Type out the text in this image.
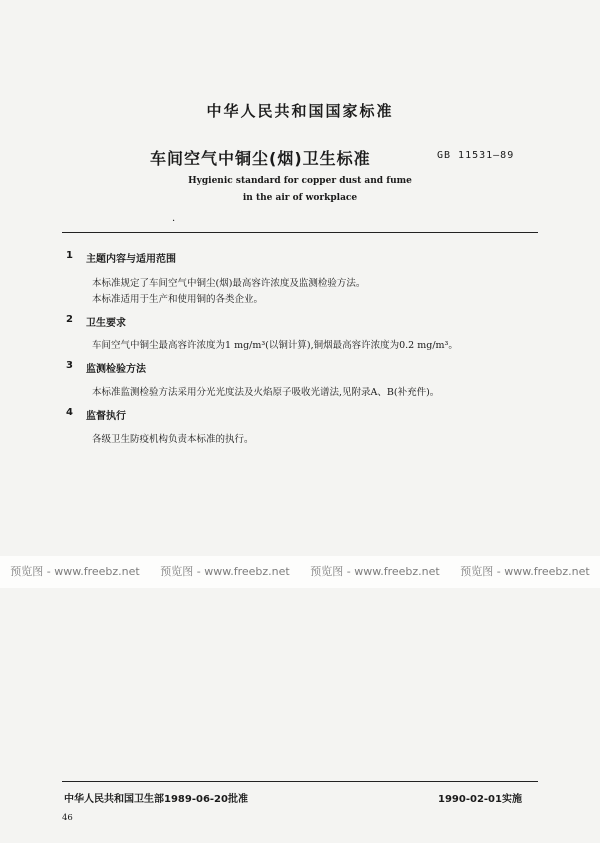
中华人民共和国国家标准
车间空气中铜尘(烟)卫生标准	GB 11531—89
Hygienic standard for copper dust and fume
in the air of workplace
·
1 主题内容与适用范围
本标准规定了车间空气中铜尘(烟)最高容许浓度及监测检验方法。
本标准适用于生产和使用铜的各类企业。
2 卫生要求
车间空气中铜尘最高容许浓度为1 mg/m³(以铜计算),铜烟最高容许浓度为0.2 mg/m³。
3 监测检验方法
本标准监测检验方法采用分光光度法及火焰原子吸收光谱法,见附录A、B(补充件)。
4 监督执行
各级卫生防疫机构负责本标准的执行。
预览图 - www.freebz.net 预览图 - www.freebz.net 预览图 - www.freebz.net 预览图 - www.freebz.net
中华人民共和国卫生部1989-06-20批准	1990-02-01实施
46
